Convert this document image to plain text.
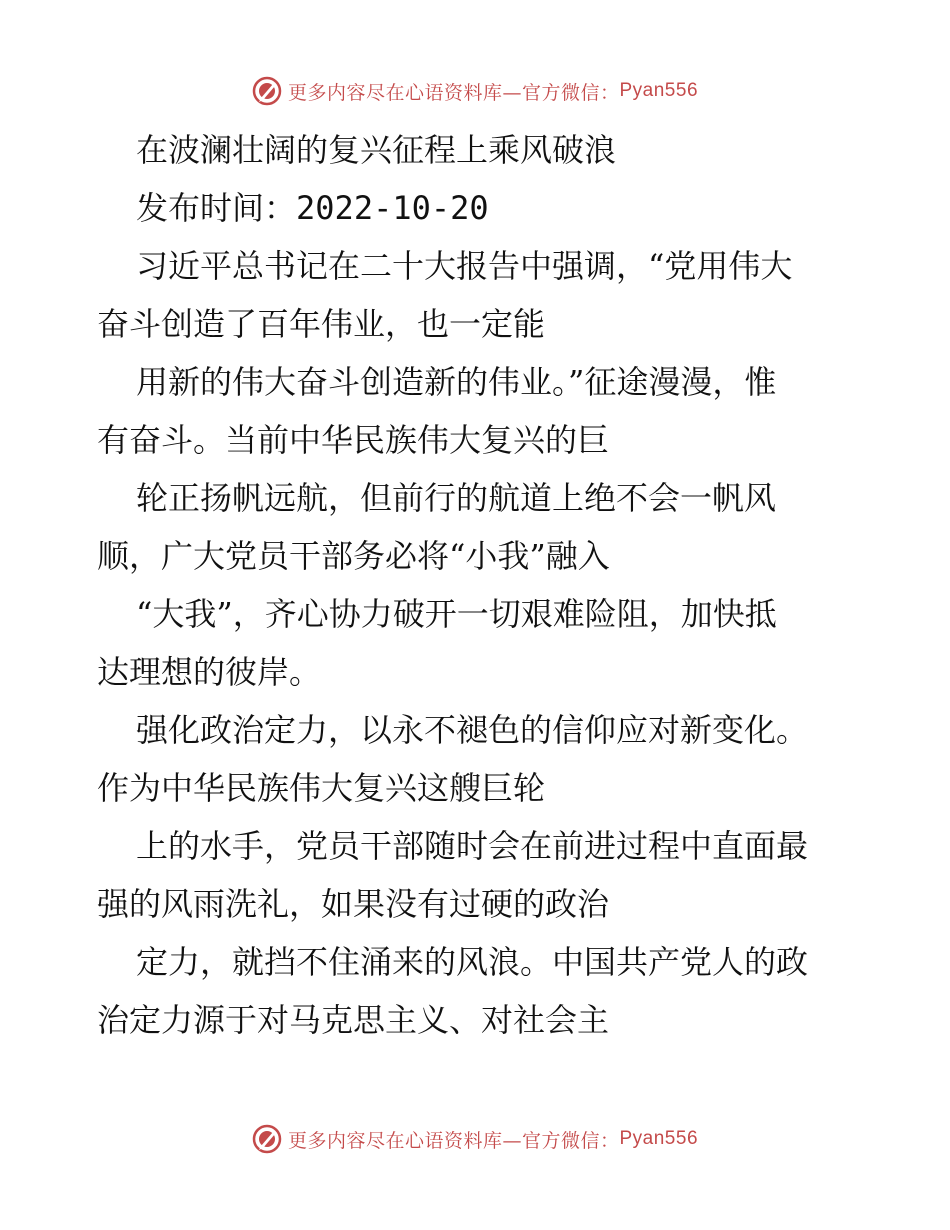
更多内容尽在心语资料库—官方微信： Pyan556
在波澜壮阔的复兴征程上乘风破浪
发布时间：2022-10-20
习近平总书记在二十大报告中强调，“党用伟大
奋斗创造了百年伟业，也一定能
用新的伟大奋斗创造新的伟业。”征途漫漫，惟
有奋斗。当前中华民族伟大复兴的巨
轮正扬帆远航，但前行的航道上绝不会一帆风
顺，广大党员干部务必将“小我”融入
“大我”，齐心协力破开一切艰难险阻，加快抵
达理想的彼岸。
强化政治定力，以永不褪色的信仰应对新变化。
作为中华民族伟大复兴这艘巨轮
上的水手，党员干部随时会在前进过程中直面最
强的风雨洗礼，如果没有过硬的政治
定力，就挡不住涌来的风浪。中国共产党人的政
治定力源于对马克思主义、对社会主
更多内容尽在心语资料库—官方微信： Pyan556
